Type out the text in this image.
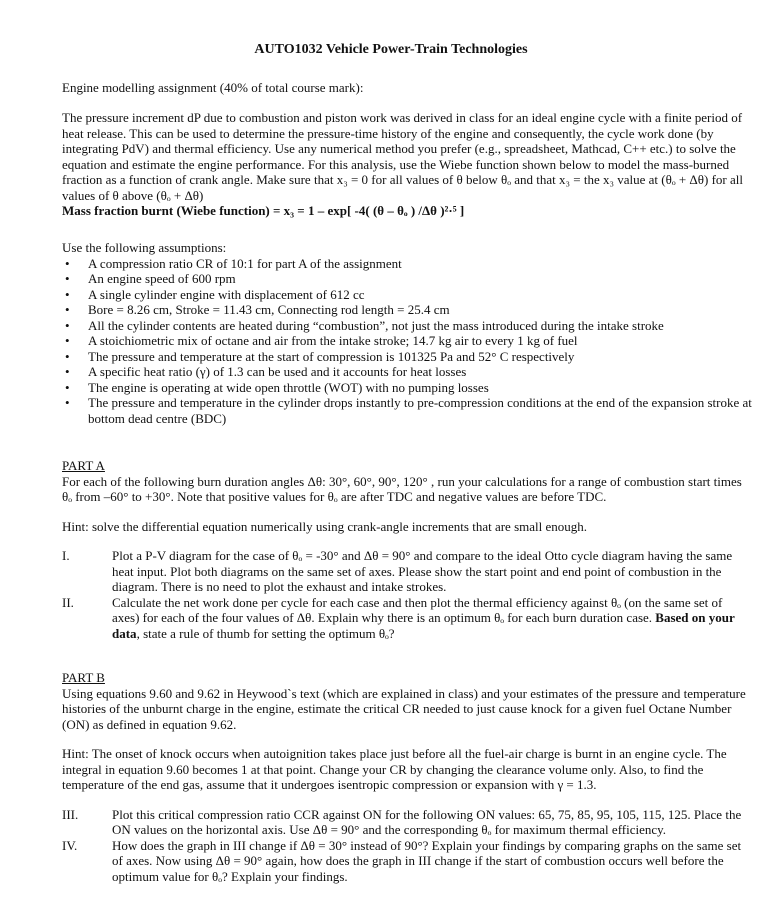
AUTO1032 Vehicle Power-Train Technologies
Engine modelling assignment (40% of total course mark):

The pressure increment dP due to combustion and piston work was derived in class for an ideal engine cycle with a finite period of heat release. This can be used to determine the pressure-time history of the engine and consequently, the cycle work done (by integrating PdV) and thermal efficiency. Use any numerical method you prefer (e.g., spreadsheet, Mathcad, C++ etc.) to solve the equation and estimate the engine performance. For this analysis, use the Wiebe function shown below to model the mass-burned fraction as a function of crank angle. Make sure that x₃ = 0 for all values of θ below θₒ and that x₃ = the x₃ value at (θₒ + Δθ) for all values of θ above (θₒ + Δθ)

Mass fraction burnt (Wiebe function) = x₃ = 1 – exp[ -4( (θ – θₒ ) /Δθ )²·⁵ ]

Use the following assumptions:

• A compression ratio CR of 10:1 for part A of the assignment
• An engine speed of 600 rpm
• A single cylinder engine with displacement of 612 cc
• Bore = 8.26 cm, Stroke = 11.43 cm, Connecting rod length = 25.4 cm
• All the cylinder contents are heated during “combustion”, not just the mass introduced during the intake stroke
• A stoichiometric mix of octane and air from the intake stroke; 14.7 kg air to every 1 kg of fuel
• The pressure and temperature at the start of compression is 101325 Pa and 52° C respectively
• A specific heat ratio (γ) of 1.3 can be used and it accounts for heat losses
• The engine is operating at wide open throttle (WOT) with no pumping losses
• The pressure and temperature in the cylinder drops instantly to pre-compression conditions at the end of the expansion stroke at bottom dead centre (BDC)

PART A

For each of the following burn duration angles Δθ: 30°, 60°, 90°, 120° , run your calculations for a range of combustion start times θₒ from –60° to +30°. Note that positive values for θₒ are after TDC and negative values are before TDC.

Hint: solve the differential equation numerically using crank-angle increments that are small enough.

I.	Plot a P-V diagram for the case of θₒ = -30° and Δθ = 90° and compare to the ideal Otto cycle diagram having the same heat input. Plot both diagrams on the same set of axes. Please show the start point and end point of combustion in the diagram. There is no need to plot the exhaust and intake strokes.
II.	Calculate the net work done per cycle for each case and then plot the thermal efficiency against θₒ (on the same set of axes) for each of the four values of Δθ. Explain why there is an optimum θₒ for each burn duration case. Based on your data, state a rule of thumb for setting the optimum θₒ?

PART B

Using equations 9.60 and 9.62 in Heywoodˋs text (which are explained in class) and your estimates of the pressure and temperature histories of the unburnt charge in the engine, estimate the critical CR needed to just cause knock for a given fuel Octane Number (ON) as defined in equation 9.62.

Hint: The onset of knock occurs when autoignition takes place just before all the fuel-air charge is burnt in an engine cycle. The integral in equation 9.60 becomes 1 at that point. Change your CR by changing the clearance volume only. Also, to find the temperature of the end gas, assume that it undergoes isentropic compression or expansion with γ = 1.3.

III.	Plot this critical compression ratio CCR against ON for the following ON values: 65, 75, 85, 95, 105, 115, 125. Place the ON values on the horizontal axis. Use Δθ = 90° and the corresponding θₒ for maximum thermal efficiency.
IV.	How does the graph in III change if Δθ = 30° instead of 90°? Explain your findings by comparing graphs on the same set of axes. Now using Δθ = 90° again, how does the graph in III change if the start of combustion occurs well before the optimum value for θₒ? Explain your findings.
